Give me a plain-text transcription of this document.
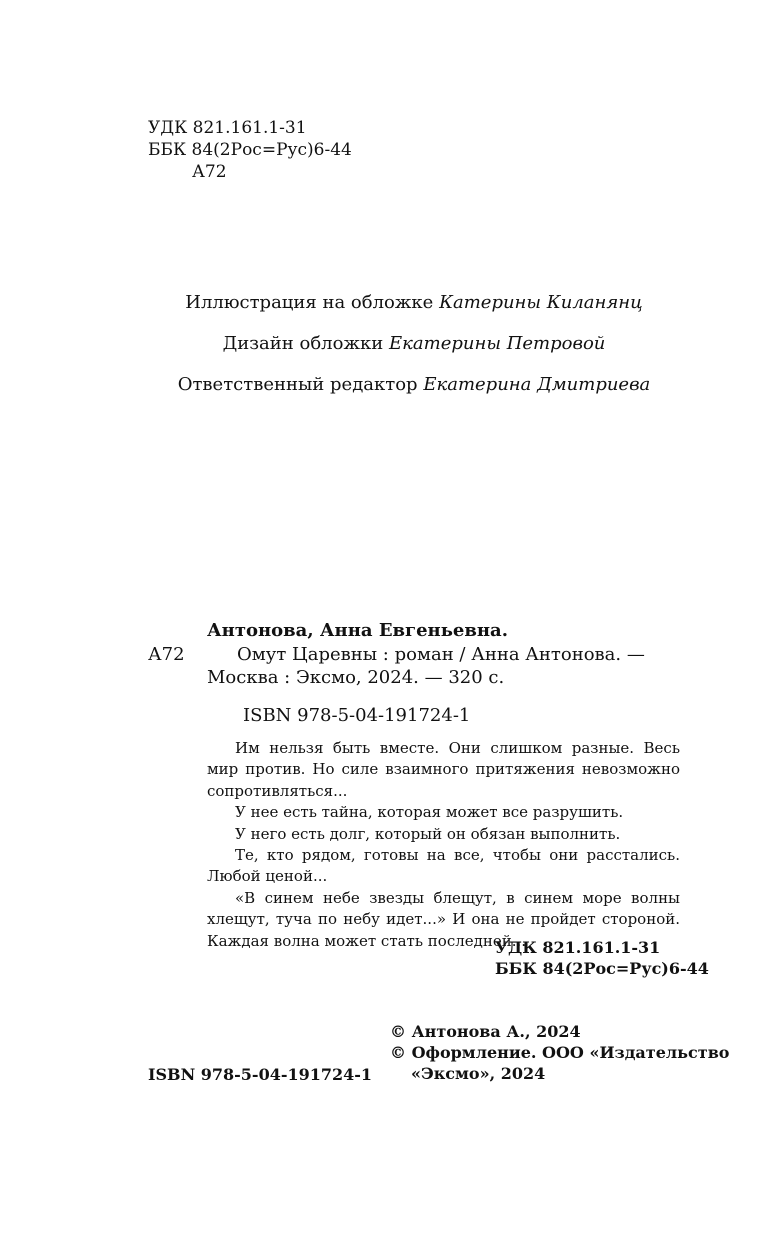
УДК 821.161.1-31
ББК 84(2Рос=Рус)6-44
А72
Иллюстрация на обложке Катерины Киланянц
Дизайн обложки Екатерины Петровой
Ответственный редактор Екатерина Дмитриева
Антонова, Анна Евгеньевна.
А72	Омут Царевны : роман / Анна Антонова. —
Москва : Эксмо, 2024. — 320 с.
ISBN 978-5-04-191724-1

Им нельзя быть вместе. Они слишком разные. Весь мир против. Но силе взаимного притяжения невозможно сопротивляться...

У нее есть тайна, которая может все разрушить.

У него есть долг, который он обязан выполнить.

Те, кто рядом, готовы на все, чтобы они расстались. Любой ценой...

«В синем небе звезды блещут, в синем море волны хлещут, туча по небу идет...» И она не пройдет стороной. Каждая волна может стать последней...

УДК 821.161.1-31
ББК 84(2Рос=Рус)6-44
© Антонова А., 2024
© Оформление. ООО «Издательство
ISBN 978-5-04-191724-1 «Эксмо», 2024
